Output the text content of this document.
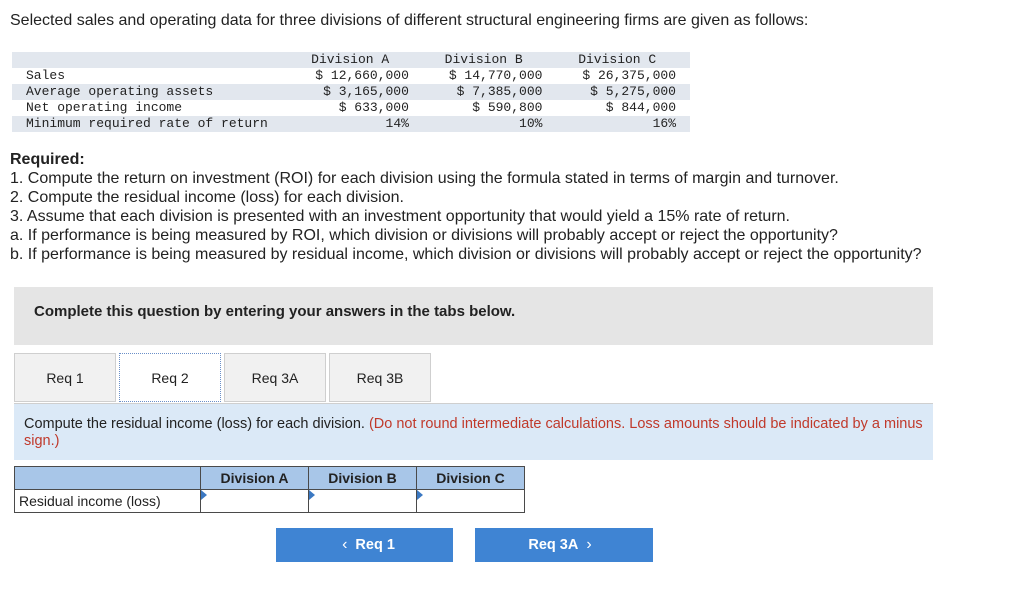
Selected sales and operating data for three divisions of different structural engineering firms are given as follows:
	Division A	Division B	Division C
Sales	$ 12,660,000	$ 14,770,000	$ 26,375,000
Average operating assets	$ 3,165,000	$ 7,385,000	$ 5,275,000
Net operating income	$ 633,000	$ 590,800	$ 844,000
Minimum required rate of return	14%	10%	16%
Required:
1. Compute the return on investment (ROI) for each division using the formula stated in terms of margin and turnover.
2. Compute the residual income (loss) for each division.
3. Assume that each division is presented with an investment opportunity that would yield a 15% rate of return.
a. If performance is being measured by ROI, which division or divisions will probably accept or reject the opportunity?
b. If performance is being measured by residual income, which division or divisions will probably accept or reject the opportunity?
Complete this question by entering your answers in the tabs below.
Req 1	Req 2	Req 3A	Req 3B
Compute the residual income (loss) for each division. (Do not round intermediate calculations. Loss amounts should be indicated by a minus sign.)
	Division A	Division B	Division C
Residual income (loss)			
‹ Req 1	Req 3A ›
